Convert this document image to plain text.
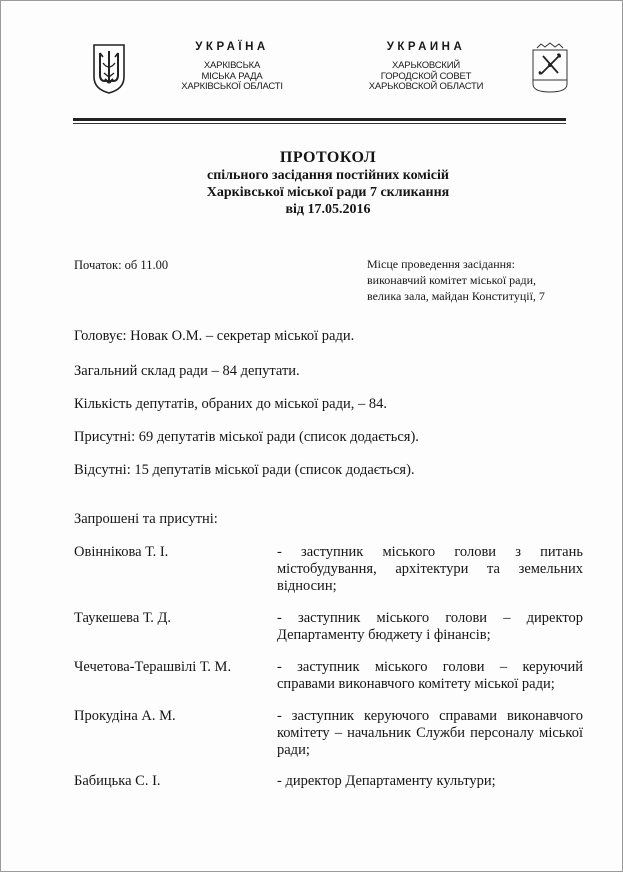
УКРАЇНА
ХАРКІВСЬКА
МІСЬКА РАДА
ХАРКІВСЬКОЇ ОБЛАСТІ
УКРАИНА
ХАРЬКОВСКИЙ
ГОРОДСКОЙ СОВЕТ
ХАРЬКОВСКОЙ ОБЛАСТИ
ПРОТОКОЛ
спільного засідання постійних комісій
Харківської міської ради 7 скликання
від 17.05.2016
Початок: об 11.00	Місце проведення засідання:
виконавчий комітет міської ради,
велика зала, майдан Конституції, 7
Головує: Новак О.М. – секретар міської ради.
Загальний склад ради – 84 депутати.
Кількість депутатів, обраних до міської ради, – 84.
Присутні: 69 депутатів міської ради (список додається).
Відсутні: 15 депутатів міської ради (список додається).
Запрошені та присутні:
Овіннікова Т. І.	- заступник міського голови з питань
містобудування, архітектури та земельних
відносин;
Таукешева Т. Д.	- заступник міського голови – директор
Департаменту бюджету і фінансів;
Чечетова-Терашвілі Т. М.	- заступник міського голови – керуючий
справами виконавчого комітету міської ради;
Прокудіна А. М.	- заступник керуючого справами виконавчого
комітету – начальник Служби персоналу міської
ради;
Бабицька С. І.	- директор Департаменту культури;
